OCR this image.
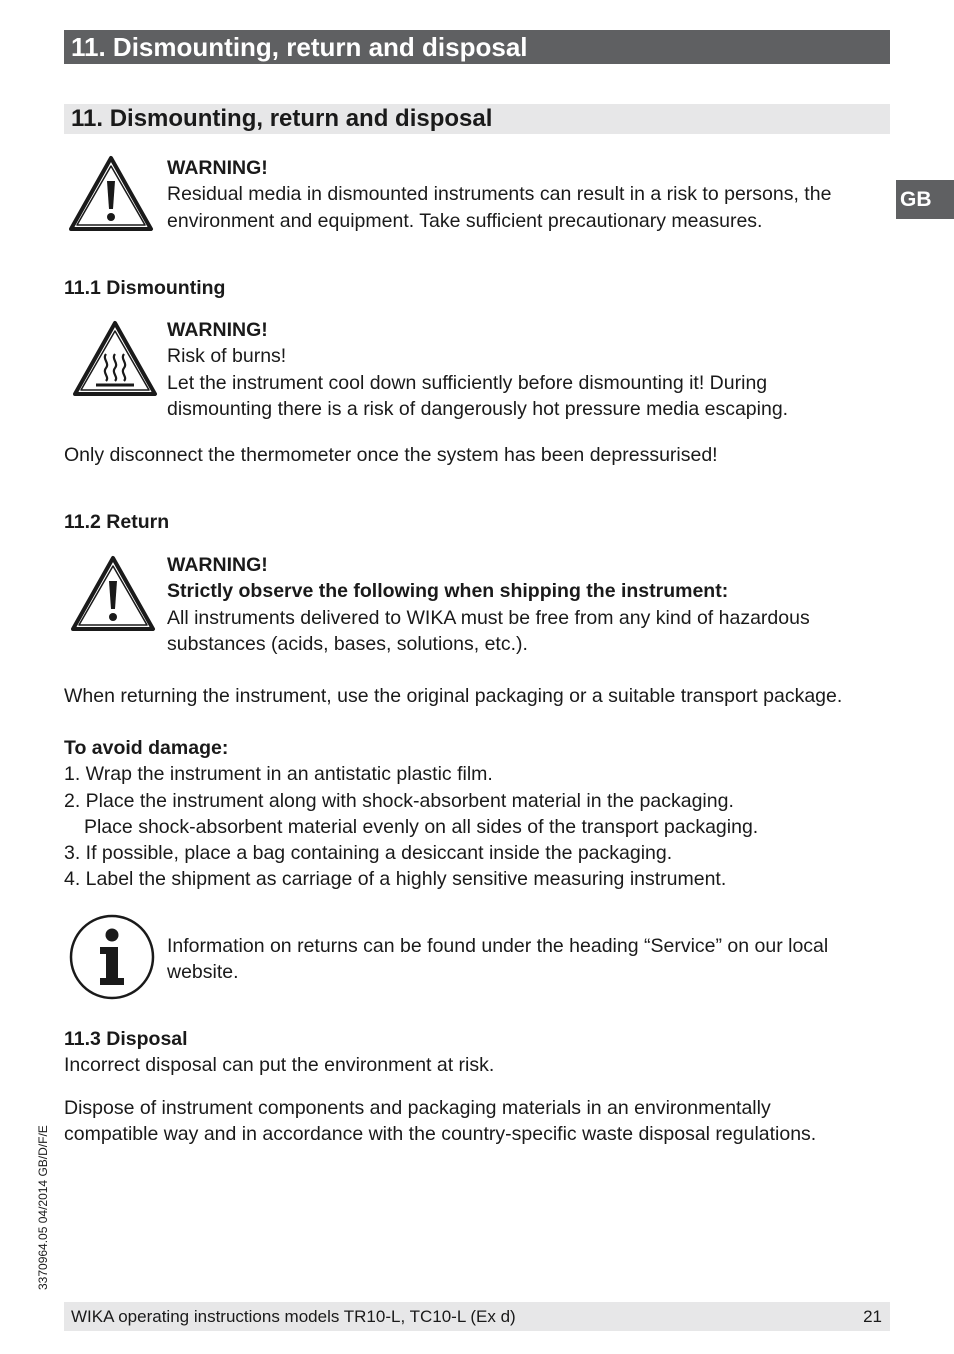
11. Dismounting, return and disposal
11. Dismounting, return and disposal
GB

WARNING!

Residual media in dismounted instruments can result in a risk to persons, the

environment and equipment. Take sufficient precautionary measures.

11.1 Dismounting

WARNING!

Risk of burns!

Let the instrument cool down sufficiently before dismounting it! During

dismounting there is a risk of dangerously hot pressure media escaping.

Only disconnect the thermometer once the system has been depressurised!

11.2 Return

WARNING!

Strictly observe the following when shipping the instrument:

All instruments delivered to WIKA must be free from any kind of hazardous

substances (acids, bases, solutions, etc.).

When returning the instrument, use the original packaging or a suitable transport package.

To avoid damage:

1. Wrap the instrument in an antistatic plastic film.

2. Place the instrument along with shock-absorbent material in the packaging.

Place shock-absorbent material evenly on all sides of the transport packaging.

3. If possible, place a bag containing a desiccant inside the packaging.

4. Label the shipment as carriage of a highly sensitive measuring instrument.

Information on returns can be found under the heading “Service” on our local

website.

11.3 Disposal

Incorrect disposal can put the environment at risk.

Dispose of instrument components and packaging materials in an environmentally

compatible way and in accordance with the country-specific waste disposal regulations.

3370964.05 04/2014 GB/D/F/E
WIKA operating instructions models TR10-L, TC10-L (Ex d)	21
